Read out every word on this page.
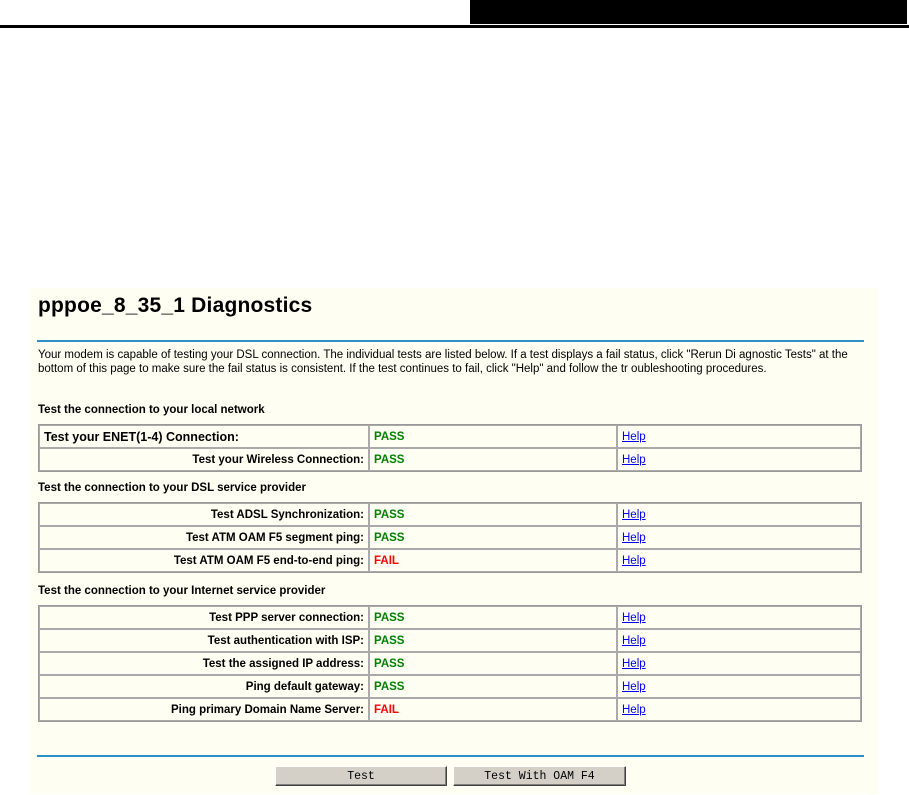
pppoe_8_35_1 Diagnostics
Your modem is capable of testing your DSL connection. The individual tests are listed below. If a test displays a fail status, click "Rerun Di agnostic Tests" at the bottom of this page to make sure the fail status is consistent. If the test continues to fail, click "Help" and follow the tr oubleshooting procedures.
Test the connection to your local network
Test your ENET(1-4) Connection:	PASS	Help
Test your Wireless Connection:	PASS	Help
Test the connection to your DSL service provider
Test ADSL Synchronization:	PASS	Help
Test ATM OAM F5 segment ping:	PASS	Help
Test ATM OAM F5 end-to-end ping:	FAIL	Help
Test the connection to your Internet service provider
Test PPP server connection:	PASS	Help
Test authentication with ISP:	PASS	Help
Test the assigned IP address:	PASS	Help
Ping default gateway:	PASS	Help
Ping primary Domain Name Server:	FAIL	Help
Test	Test With OAM F4
